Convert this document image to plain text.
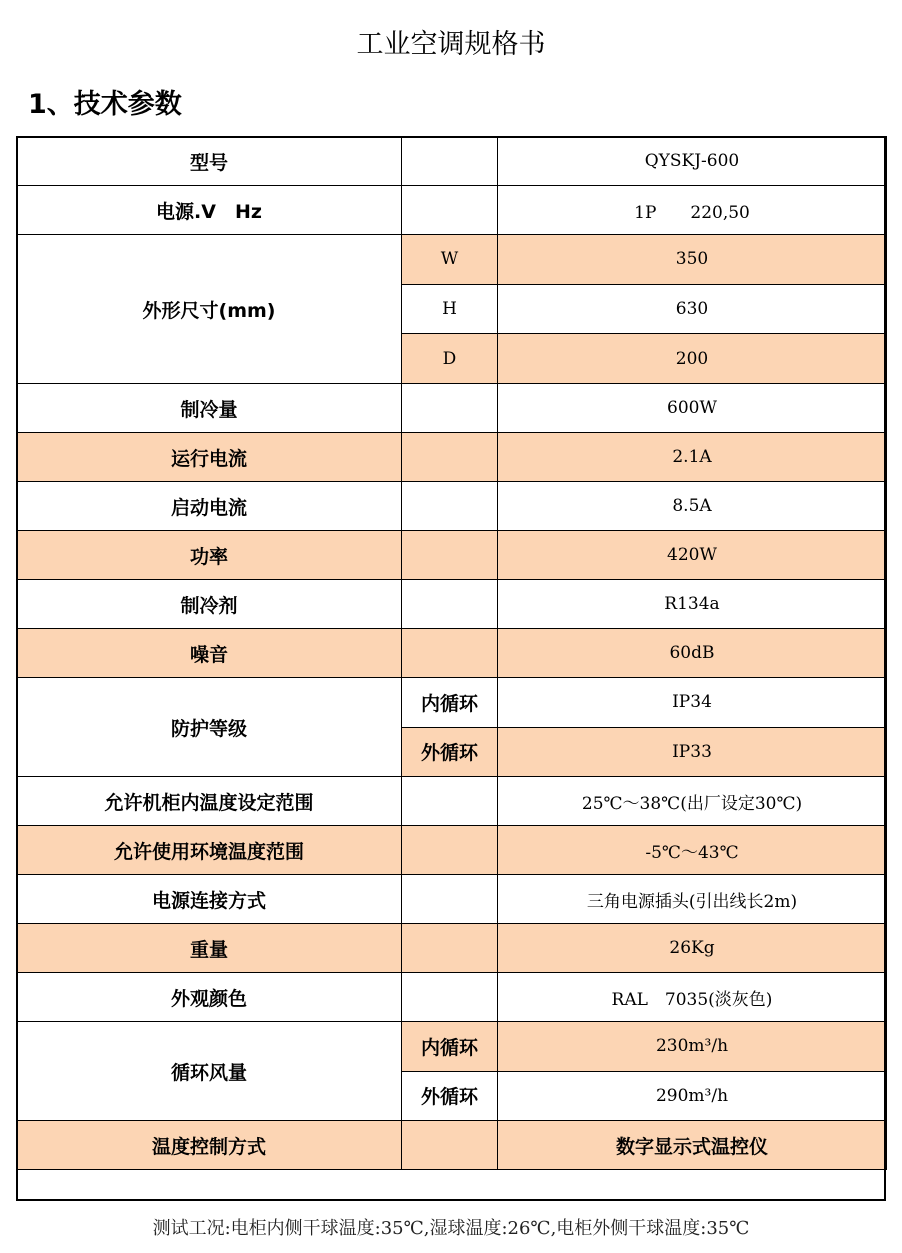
工业空调规格书
1、技术参数
型号		QYSKJ-600
电源.V　Hz		1P　　220,50
外形尺寸(mm)	W	350
	H	630
	D	200
制冷量		600W
运行电流		2.1A
启动电流		8.5A
功率		420W
制冷剂		R134a
噪音		60dB
防护等级	内循环	IP34
	外循环	IP33
允许机柜内温度设定范围		25℃～38℃(出厂设定30℃)
允许使用环境温度范围		-5℃～43℃
电源连接方式		三角电源插头(引出线长2m)
重量		26Kg
外观颜色		RAL　7035(淡灰色)
循环风量	内循环	230m³/h
	外循环	290m³/h
温度控制方式		数字显示式温控仪
测试工况:电柜内侧干球温度:35℃,湿球温度:26℃,电柜外侧干球温度:35℃
